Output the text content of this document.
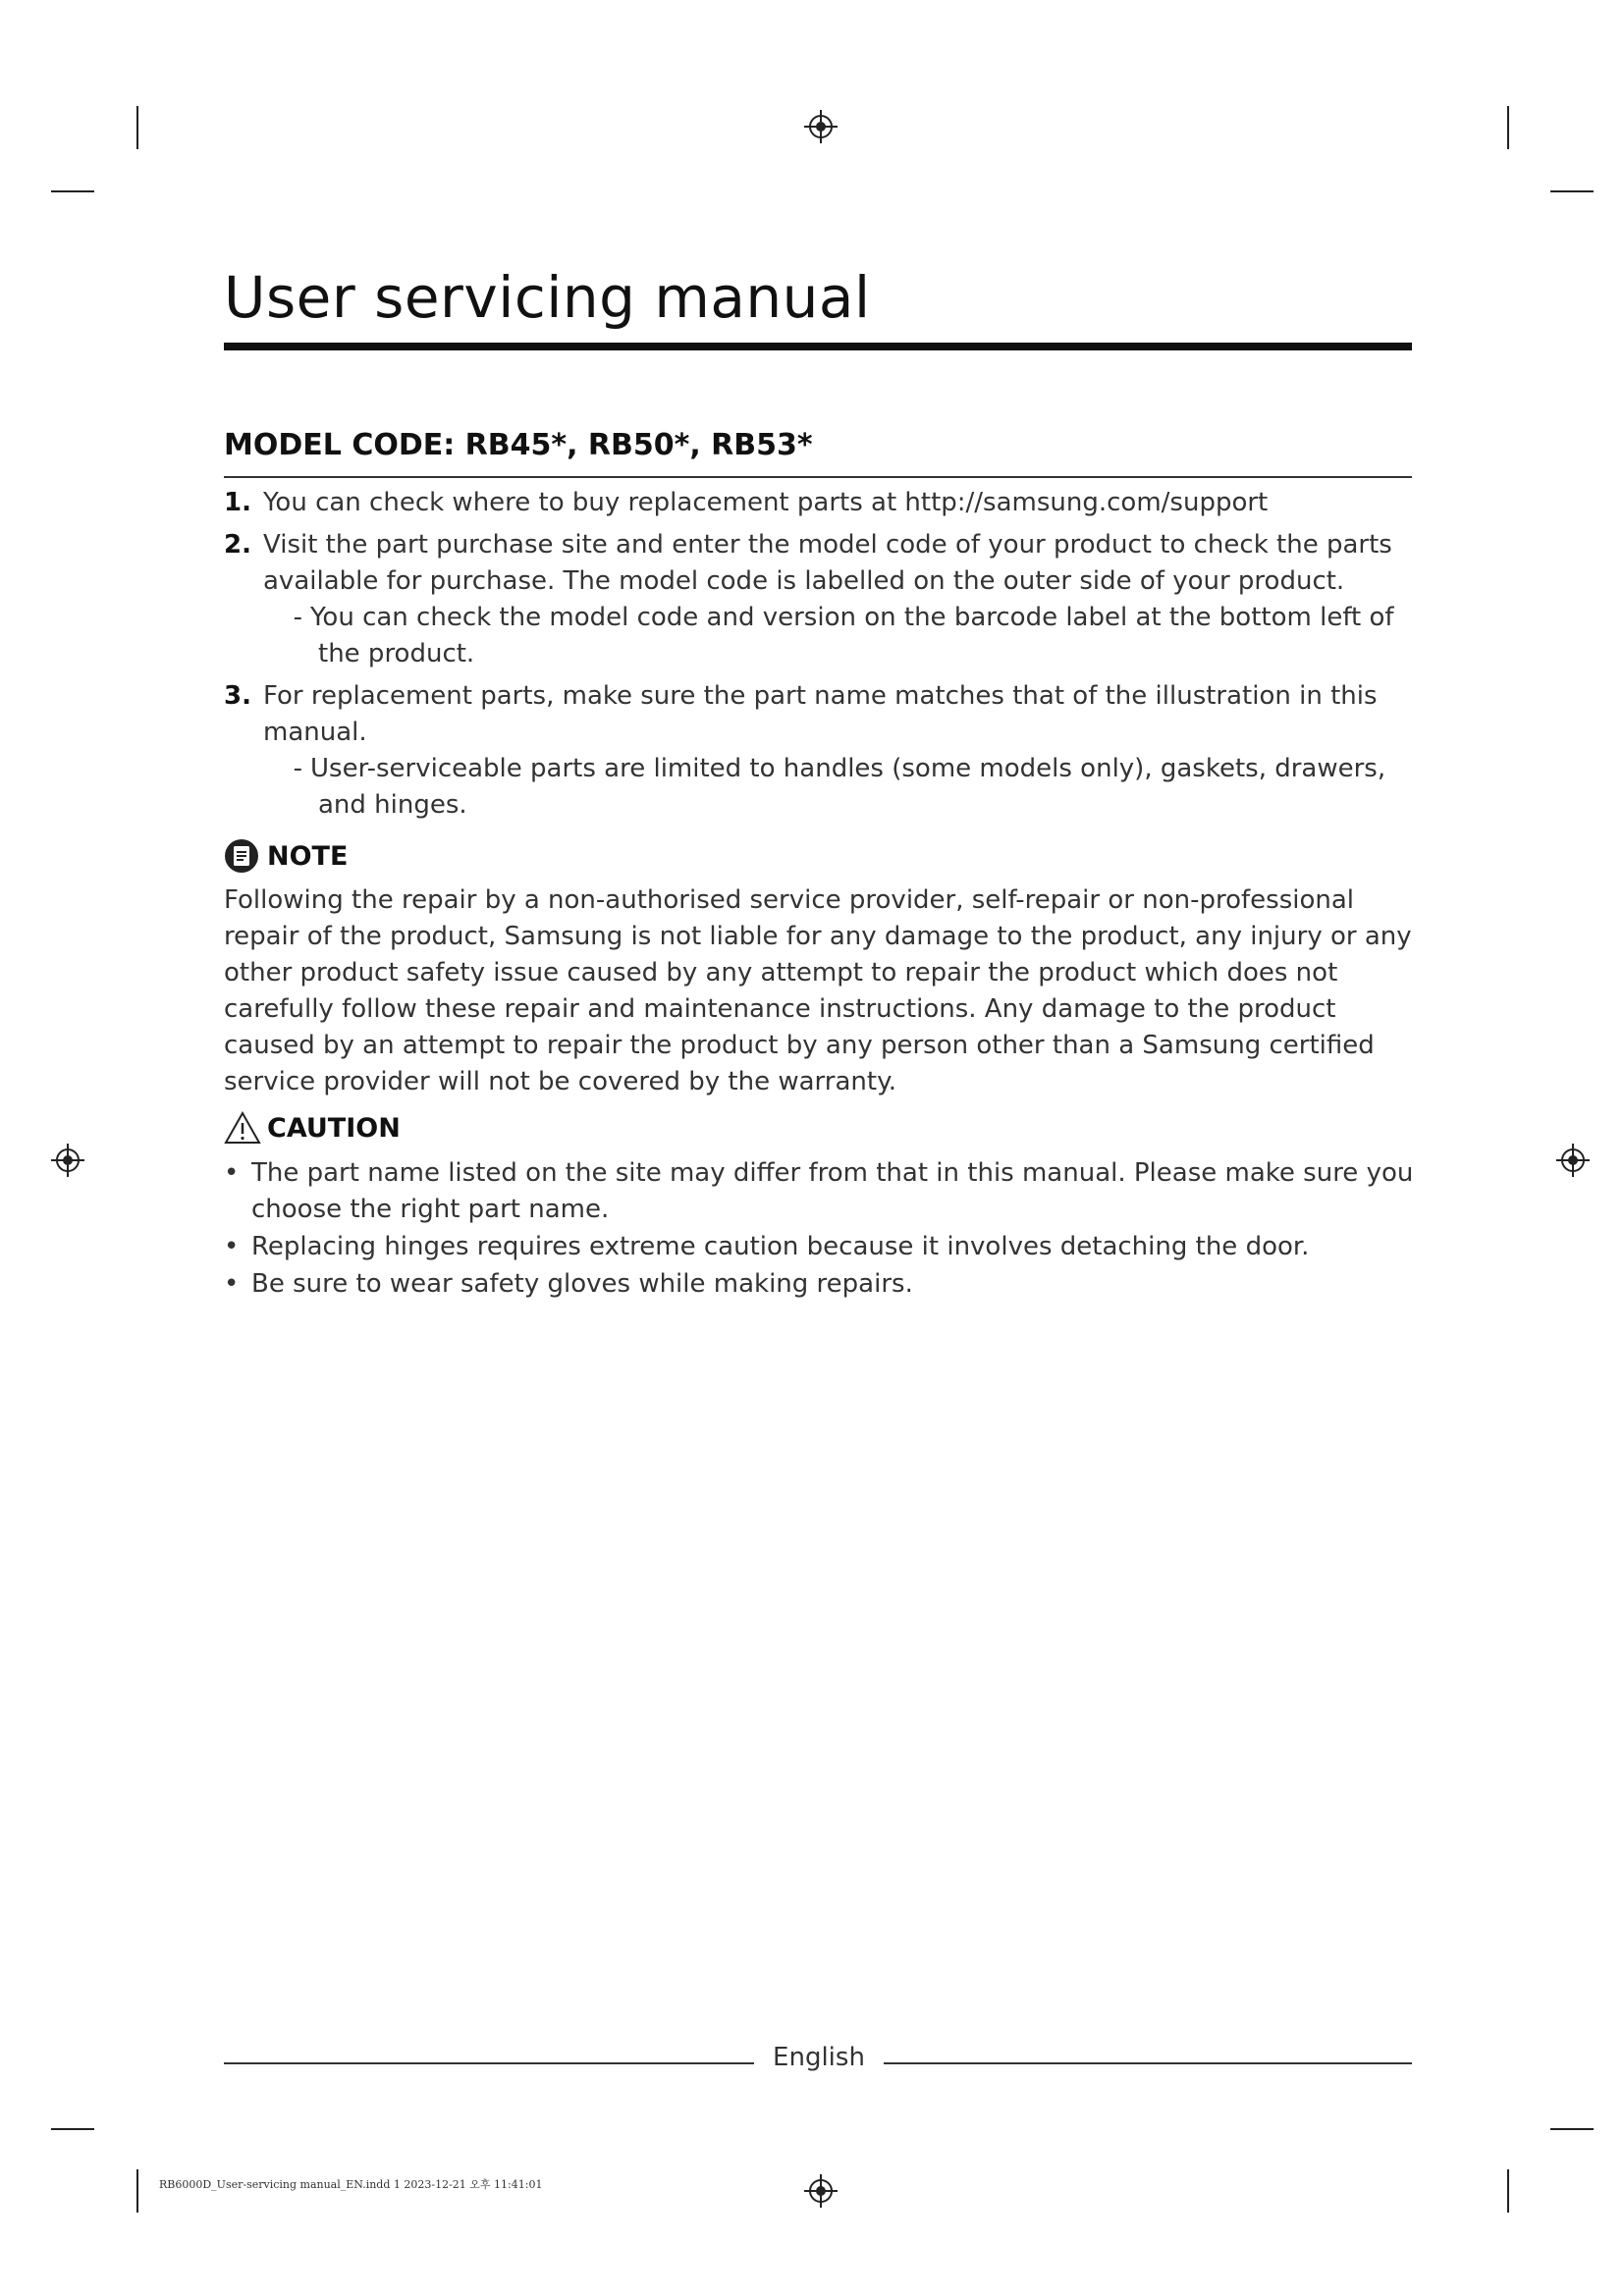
User servicing manual
MODEL CODE: RB45*, RB50*, RB53*
1. You can check where to buy replacement parts at http://samsung.com/support
2. Visit the part purchase site and enter the model code of your product to check the parts available for purchase. The model code is labelled on the outer side of your product.
- You can check the model code and version on the barcode label at the bottom left of the product.
3. For replacement parts, make sure the part name matches that of the illustration in this manual.
- User-serviceable parts are limited to handles (some models only), gaskets, drawers, and hinges.
NOTE
Following the repair by a non-authorised service provider, self-repair or non-professional repair of the product, Samsung is not liable for any damage to the product, any injury or any other product safety issue caused by any attempt to repair the product which does not carefully follow these repair and maintenance instructions. Any damage to the product caused by an attempt to repair the product by any person other than a Samsung certified service provider will not be covered by the warranty.
CAUTION
• The part name listed on the site may differ from that in this manual. Please make sure you choose the right part name.
• Replacing hinges requires extreme caution because it involves detaching the door.
• Be sure to wear safety gloves while making repairs.
English
RB6000D_User-servicing manual_EN.indd 1 2023-12-21 오후 11:41:01
